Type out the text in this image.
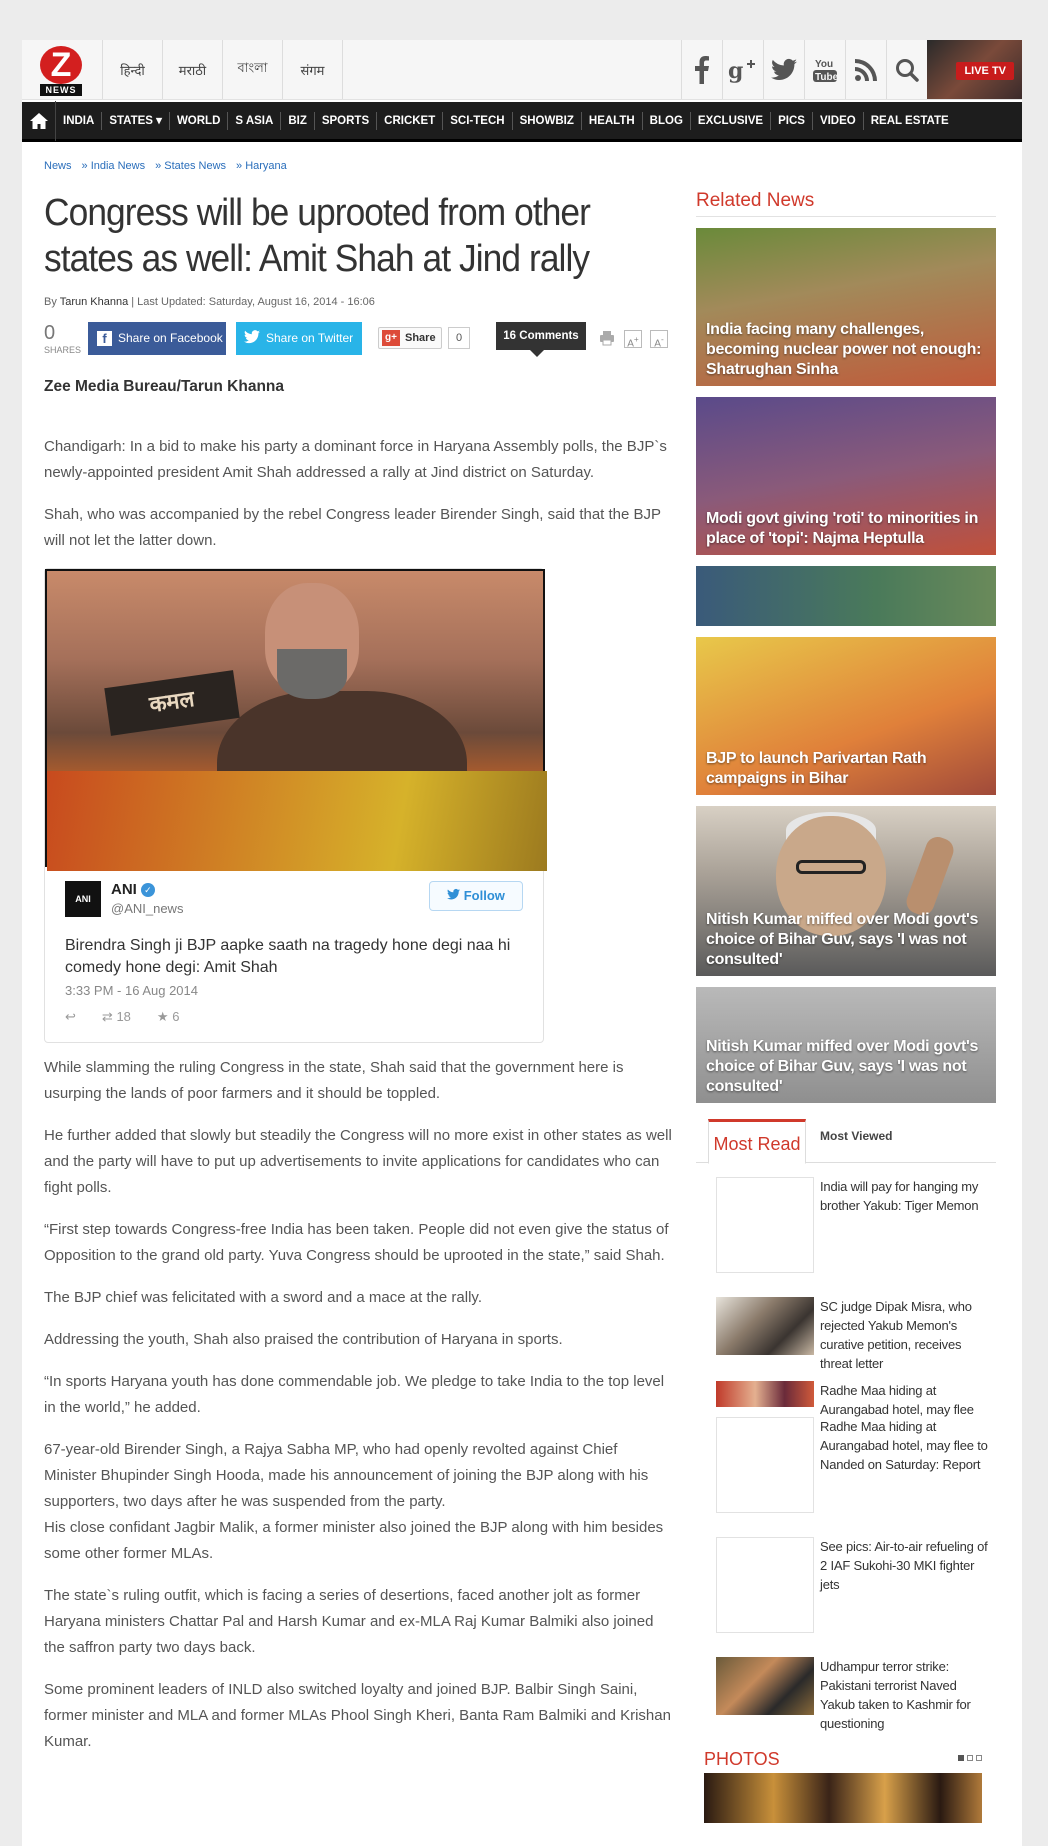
Z
NEWS
हिन्दी	मराठी	বাংলা	संगम	g	You
Tube	LIVE TV
INDIA	STATES ▾	WORLD	S ASIA	BIZ	SPORTS	CRICKET	SCI-TECH	SHOWBIZ	HEALTH	BLOG	EXCLUSIVE	PICS	VIDEO	REAL ESTATE
News » India News » States News » Haryana
Congress will be uprooted from other states as well: Amit Shah at Jind rally
By Tarun Khanna | Last Updated: Saturday, August 16, 2014 - 16:06
0
SHARES
f Share on Facebook	Share on Twitter	g+ Share	0	16 Comments
A+	A-
Zee Media Bureau/Tarun Khanna

Chandigarh: In a bid to make his party a dominant force in Haryana Assembly polls, the BJP`s newly-appointed president Amit Shah addressed a rally at Jind district on Saturday.

Shah, who was accompanied by the rebel Congress leader Birender Singh, said that the BJP will not let the latter down.

कमल
ANI
ANI ✓
@ANI_news
Follow
Birendra Singh ji BJP aapke saath na tragedy hone degi naa hi comedy hone degi: Amit Shah
3:33 PM - 16 Aug 2014
↩ ⇄ 18 ★ 6

While slamming the ruling Congress in the state, Shah said that the government here is usurping the lands of poor farmers and it should be toppled.

He further added that slowly but steadily the Congress will no more exist in other states as well and the party will have to put up advertisements to invite applications for candidates who can fight polls.

“First step towards Congress-free India has been taken. People did not even give the status of Opposition to the grand old party. Yuva Congress should be uprooted in the state,” said Shah.

The BJP chief was felicitated with a sword and a mace at the rally.

Addressing the youth, Shah also praised the contribution of Haryana in sports.

“In sports Haryana youth has done commendable job. We pledge to take India to the top level in the world,” he added.

67-year-old Birender Singh, a Rajya Sabha MP, who had openly revolted against Chief Minister Bhupinder Singh Hooda, made his announcement of joining the BJP along with his supporters, two days after he was suspended from the party.

His close confidant Jagbir Malik, a former minister also joined the BJP along with him besides some other former MLAs.

The state`s ruling outfit, which is facing a series of desertions, faced another jolt as former Haryana ministers Chattar Pal and Harsh Kumar and ex-MLA Raj Kumar Balmiki also joined the saffron party two days back.

Some prominent leaders of INLD also switched loyalty and joined BJP. Balbir Singh Saini, former minister and MLA and former MLAs Phool Singh Kheri, Banta Ram Balmiki and Krishan Kumar.

Related News
India facing many challenges, becoming nuclear power not enough: Shatrughan Sinha
Modi govt giving 'roti' to minorities in place of 'topi': Najma Heptulla
BJP to launch Parivartan Rath campaigns in Bihar
Nitish Kumar miffed over Modi govt's choice of Bihar Guv, says 'I was not consulted'
Nitish Kumar miffed over Modi govt's choice of Bihar Guv, says 'I was not consulted'
Most Read	Most Viewed
India will pay for hanging my brother Yakub: Tiger Memon
SC judge Dipak Misra, who rejected Yakub Memon's curative petition, receives threat letter
Radhe Maa hiding at Aurangabad hotel, may flee
Radhe Maa hiding at Aurangabad hotel, may flee to Nanded on Saturday: Report
See pics: Air-to-air refueling of 2 IAF Sukohi-30 MKI fighter jets
Udhampur terror strike: Pakistani terrorist Naved Yakub taken to Kashmir for questioning
PHOTOS
